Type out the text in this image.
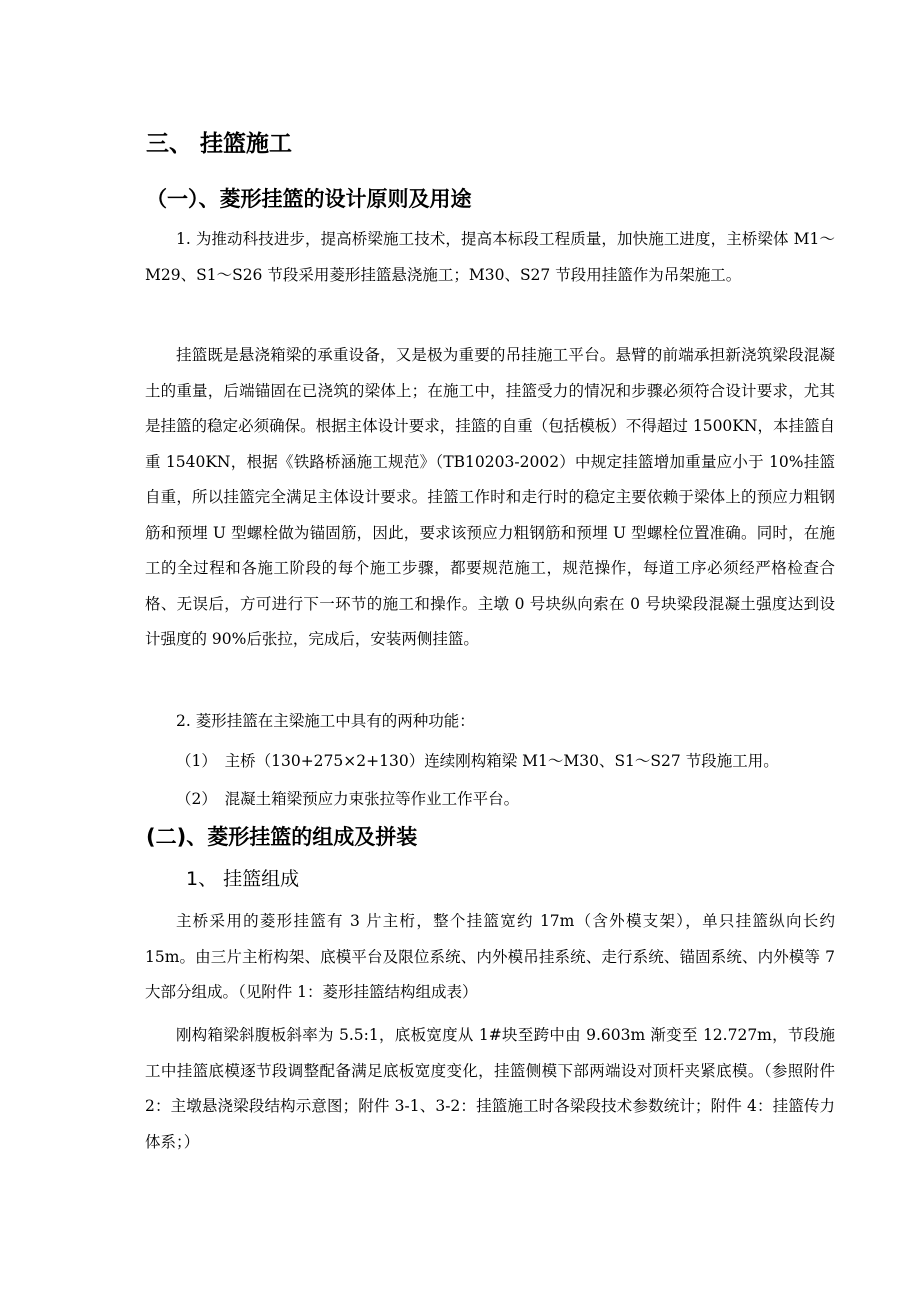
三、 挂篮施工
（一）、菱形挂篮的设计原则及用途
1. 为推动科技进步，提高桥梁施工技术，提高本标段工程质量，加快施工进度，主桥梁体 M1～M29、S1～S26 节段采用菱形挂篮悬浇施工；M30、S27 节段用挂篮作为吊架施工。
挂篮既是悬浇箱梁的承重设备，又是极为重要的吊挂施工平台。悬臂的前端承担新浇筑梁段混凝土的重量，后端锚固在已浇筑的梁体上；在施工中，挂篮受力的情况和步骤必须符合设计要求，尤其是挂篮的稳定必须确保。根据主体设计要求，挂篮的自重（包括模板）不得超过 1500KN，本挂篮自重 1540KN，根据《铁路桥涵施工规范》（TB10203-2002）中规定挂篮增加重量应小于 10%挂篮自重，所以挂篮完全满足主体设计要求。挂篮工作时和走行时的稳定主要依赖于梁体上的预应力粗钢筋和预埋 U 型螺栓做为锚固筋，因此，要求该预应力粗钢筋和预埋 U 型螺栓位置准确。同时，在施工的全过程和各施工阶段的每个施工步骤，都要规范施工，规范操作，每道工序必须经严格检查合格、无误后，方可进行下一环节的施工和操作。主墩 0 号块纵向索在 0 号块梁段混凝土强度达到设计强度的 90%后张拉，完成后，安装两侧挂篮。
2. 菱形挂篮在主梁施工中具有的两种功能：
（1）　主桥（130+275×2+130）连续刚构箱梁 M1～M30、S1～S27 节段施工用。
（2）　混凝土箱梁预应力束张拉等作业工作平台。
(二)、菱形挂篮的组成及拼装
1、 挂篮组成
主桥采用的菱形挂篮有 3 片主桁，整个挂篮宽约 17m（含外模支架），单只挂篮纵向长约 15m。由三片主桁构架、底模平台及限位系统、内外模吊挂系统、走行系统、锚固系统、内外模等 7 大部分组成。（见附件 1：菱形挂篮结构组成表）
刚构箱梁斜腹板斜率为 5.5:1，底板宽度从 1#块至跨中由 9.603m 渐变至 12.727m，节段施工中挂篮底模逐节段调整配备满足底板宽度变化，挂篮侧模下部两端设对顶杆夹紧底模。（参照附件 2：主墩悬浇梁段结构示意图；附件 3-1、3-2：挂篮施工时各梁段技术参数统计；附件 4：挂篮传力体系；）
